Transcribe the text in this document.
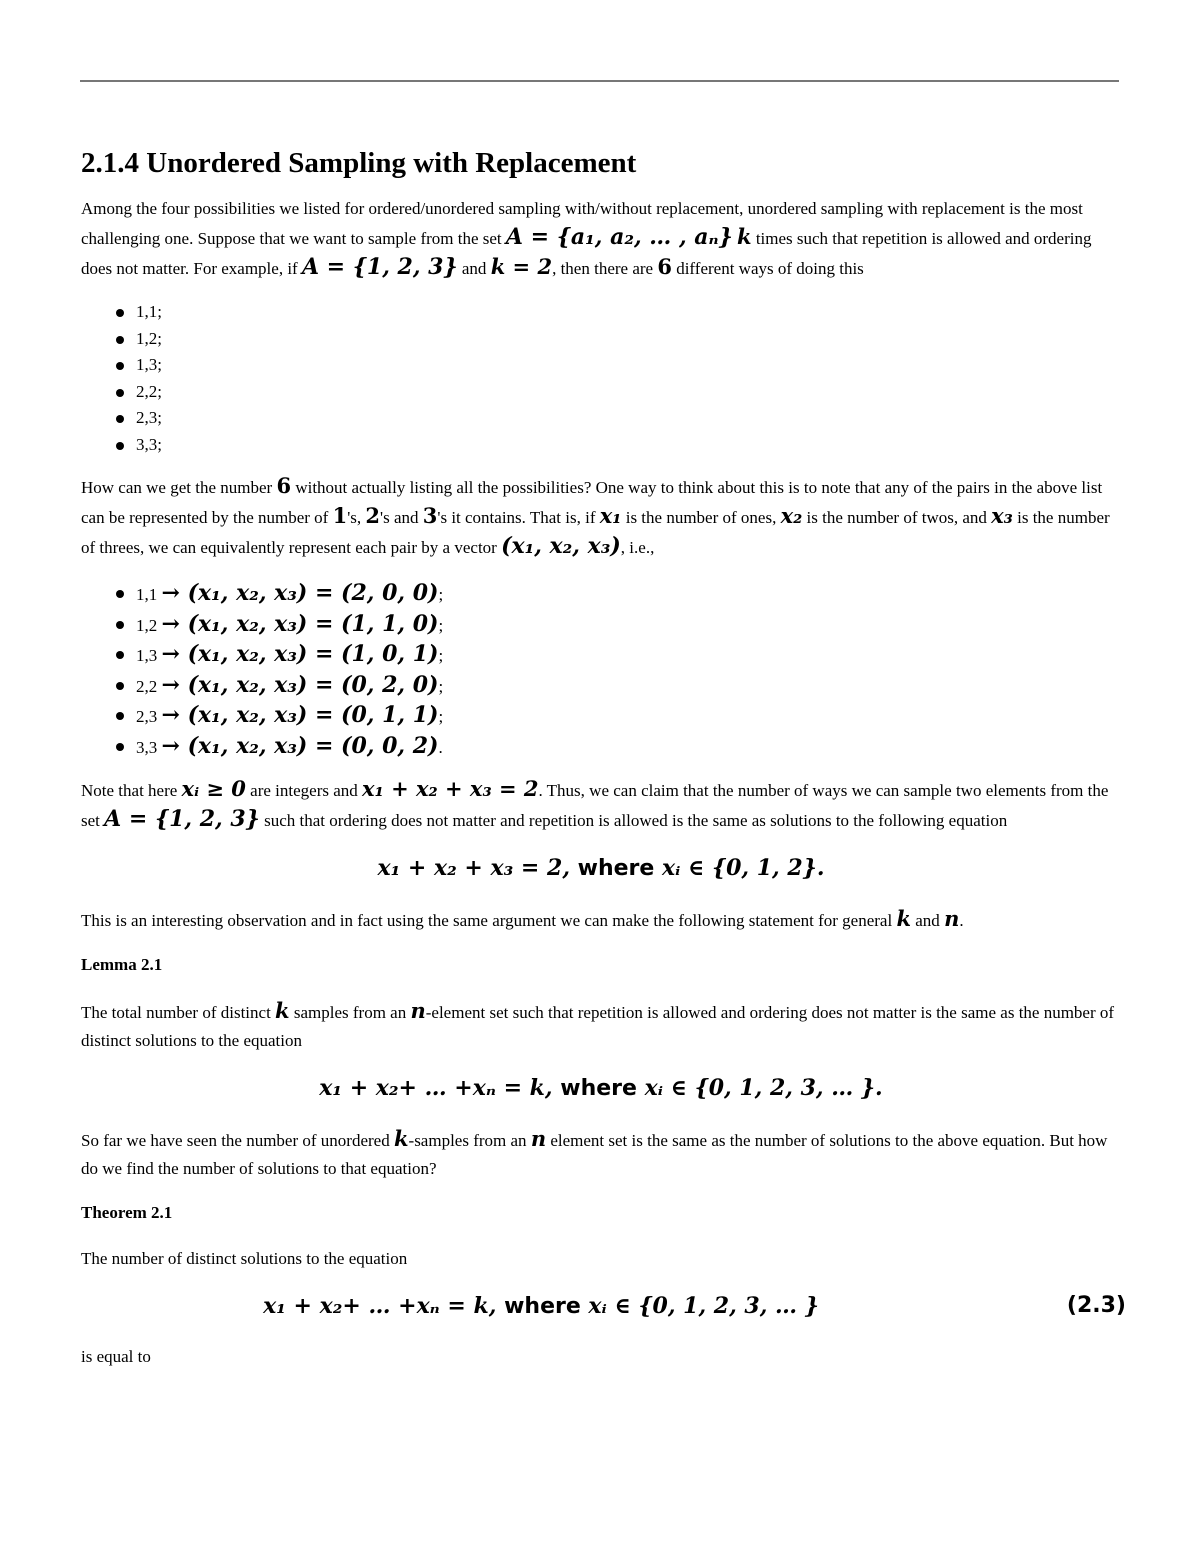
2.1.4 Unordered Sampling with Replacement

Among the four possibilities we listed for ordered/unordered sampling with/without replacement, unordered sampling with replacement is the most challenging one. Suppose that we want to sample from the set A = {a₁, a₂, … , aₙ} k times such that repetition is allowed and ordering does not matter. For example, if A = {1, 2, 3} and k = 2, then there are 6 different ways of doing this

1,1;
1,2;
1,3;
2,2;
2,3;
3,3;

How can we get the number 6 without actually listing all the possibilities? One way to think about this is to note that any of the pairs in the above list can be represented by the number of 1's, 2's and 3's it contains. That is, if x₁ is the number of ones, x₂ is the number of twos, and x₃ is the number of threes, we can equivalently represent each pair by a vector (x₁, x₂, x₃), i.e.,

1,1 → (x₁, x₂, x₃) = (2, 0, 0);
1,2 → (x₁, x₂, x₃) = (1, 1, 0);
1,3 → (x₁, x₂, x₃) = (1, 0, 1);
2,2 → (x₁, x₂, x₃) = (0, 2, 0);
2,3 → (x₁, x₂, x₃) = (0, 1, 1);
3,3 → (x₁, x₂, x₃) = (0, 0, 2).

Note that here xᵢ ≥ 0 are integers and x₁ + x₂ + x₃ = 2. Thus, we can claim that the number of ways we can sample two elements from the set A = {1, 2, 3} such that ordering does not matter and repetition is allowed is the same as solutions to the following equation

x₁ + x₂ + x₃ = 2, where xᵢ ∈ {0, 1, 2}.

This is an interesting observation and in fact using the same argument we can make the following statement for general k and n.

Lemma 2.1

The total number of distinct k samples from an n-element set such that repetition is allowed and ordering does not matter is the same as the number of distinct solutions to the equation

x₁ + x₂+ … +xₙ = k, where xᵢ ∈ {0, 1, 2, 3, … }.

So far we have seen the number of unordered k-samples from an n element set is the same as the number of solutions to the above equation. But how do we find the number of solutions to that equation?

Theorem 2.1

The number of distinct solutions to the equation

x₁ + x₂+ … +xₙ = k, where xᵢ ∈ {0, 1, 2, 3, … }	(2.3)

is equal to
